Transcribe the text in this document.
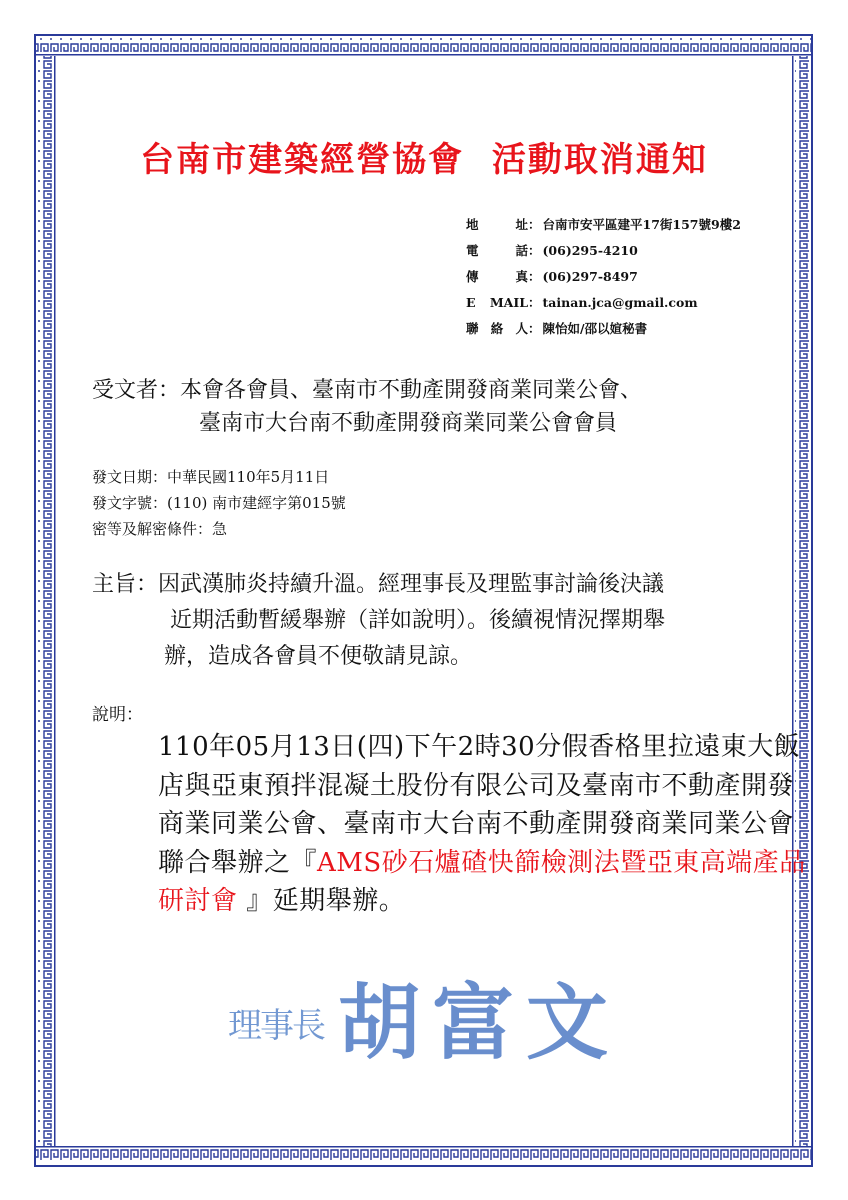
台南市建築經營協會  活動取消通知
地　址 ： 台南市安平區建平17街157號9樓2
電　話 ： (06)295-4210
傳　真 ： (06)297-8497
E MAIL ： tainan.jca@gmail.com
聯絡人 ： 陳怡如/邵以媗秘書
受文者：本會各會員、臺南市不動產開發商業同業公會、
臺南市大台南不動產開發商業同業公會會員
發文日期：中華民國110年5月11日
發文字號：(110) 南市建經字第015號
密等及解密條件：急
主旨：因武漢肺炎持續升溫。經理事長及理監事討論後決議
近期活動暫緩舉辦（詳如說明）。後續視情況擇期舉
辦，造成各會員不便敬請見諒。
說明：
110年05月13日(四)下午2時30分假香格里拉遠東大飯店與亞東預拌混凝土股份有限公司及臺南市不動產開發商業同業公會、臺南市大台南不動產開發商業同業公會聯合舉辦之『AMS砂石爐碴快篩檢測法暨亞東高端產品研討會 』延期舉辦。
理事長 胡富文
